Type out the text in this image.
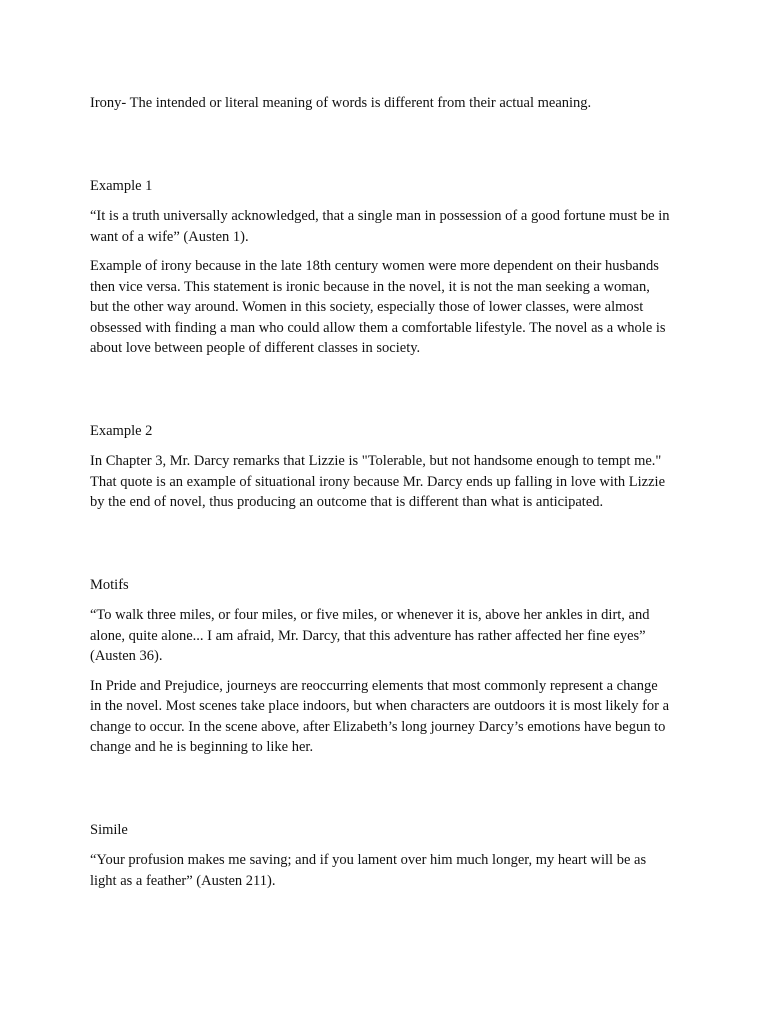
Irony- The intended or literal meaning of words is different from their actual meaning.

Example 1

“It is a truth universally acknowledged, that a single man in possession of a good fortune must be in want of a wife” (Austen 1).

Example of irony because in the late 18th century women were more dependent on their husbands then vice versa. This statement is ironic because in the novel, it is not the man seeking a woman, but the other way around. Women in this society, especially those of lower classes, were almost obsessed with finding a man who could allow them a comfortable lifestyle. The novel as a whole is about love between people of different classes in society.

Example 2

In Chapter 3, Mr. Darcy remarks that Lizzie is "Tolerable, but not handsome enough to tempt me." That quote is an example of situational irony because Mr. Darcy ends up falling in love with Lizzie by the end of novel, thus producing an outcome that is different than what is anticipated.

Motifs

“To walk three miles, or four miles, or five miles, or whenever it is, above her ankles in dirt, and alone, quite alone... I am afraid, Mr. Darcy, that this adventure has rather affected her fine eyes” (Austen 36).

In Pride and Prejudice, journeys are reoccurring elements that most commonly represent a change in the novel. Most scenes take place indoors, but when characters are outdoors it is most likely for a change to occur. In the scene above, after Elizabeth’s long journey Darcy’s emotions have begun to change and he is beginning to like her.

Simile

“Your profusion makes me saving; and if you lament over him much longer, my heart will be as light as a feather” (Austen 211).
